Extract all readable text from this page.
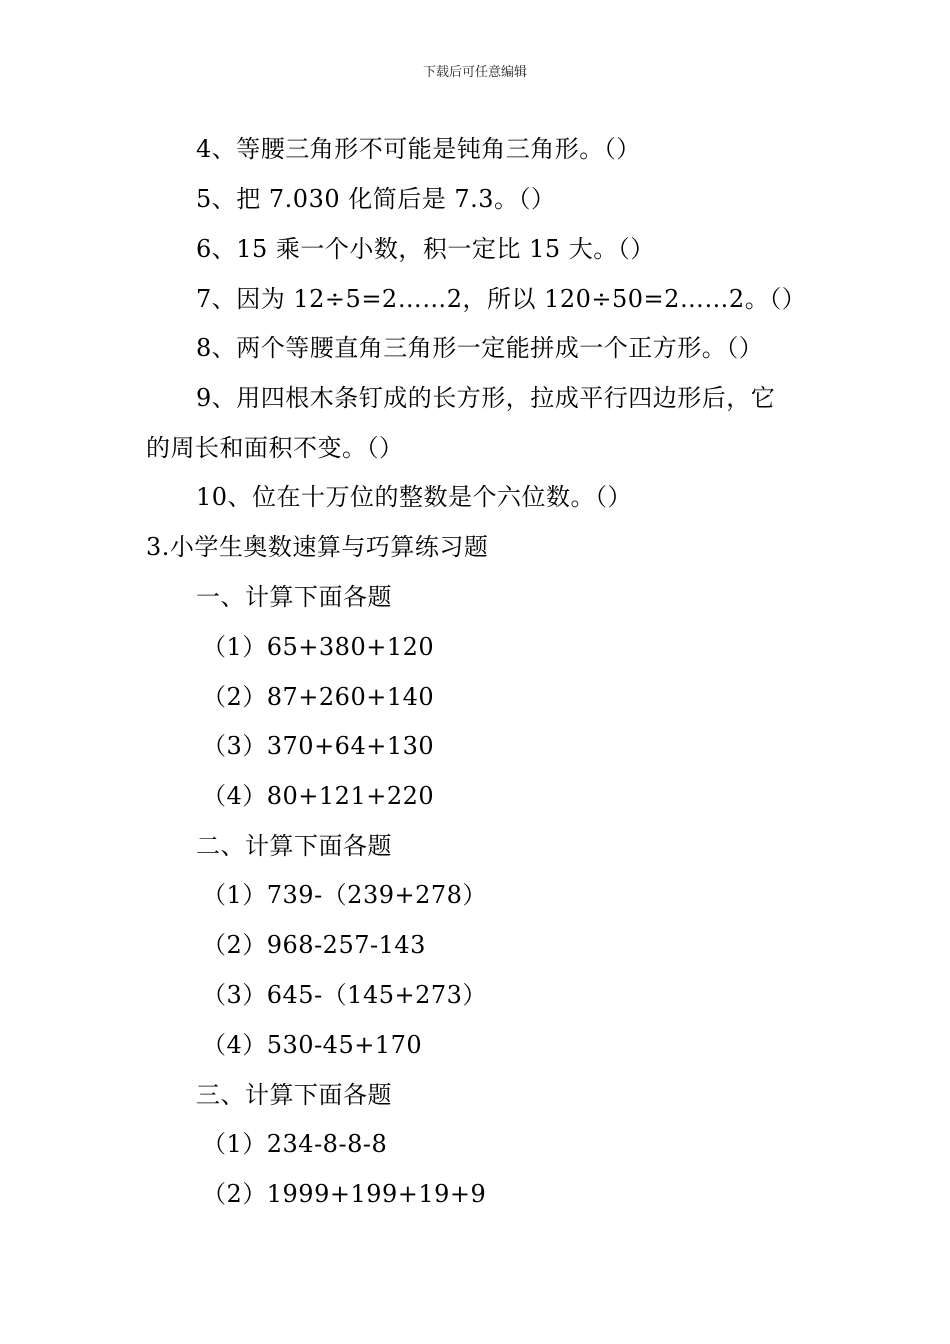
下载后可任意编辑
4、等腰三角形不可能是钝角三角形。（）
5、把 7.030 化简后是 7.3。（）
6、15 乘一个小数，积一定比 15 大。（）
7、因为 12÷5=2……2，所以 120÷50=2……2。（）
8、两个等腰直角三角形一定能拼成一个正方形。（）
9、用四根木条钉成的长方形，拉成平行四边形后，它
的周长和面积不变。（）
10、位在十万位的整数是个六位数。（）
3.小学生奥数速算与巧算练习题
一、计算下面各题
（1）65+380+120
（2）87+260+140
（3）370+64+130
（4）80+121+220
二、计算下面各题
（1）739-（239+278）
（2）968-257-143
（3）645-（145+273）
（4）530-45+170
三、计算下面各题
（1）234-8-8-8
（2）1999+199+19+9
